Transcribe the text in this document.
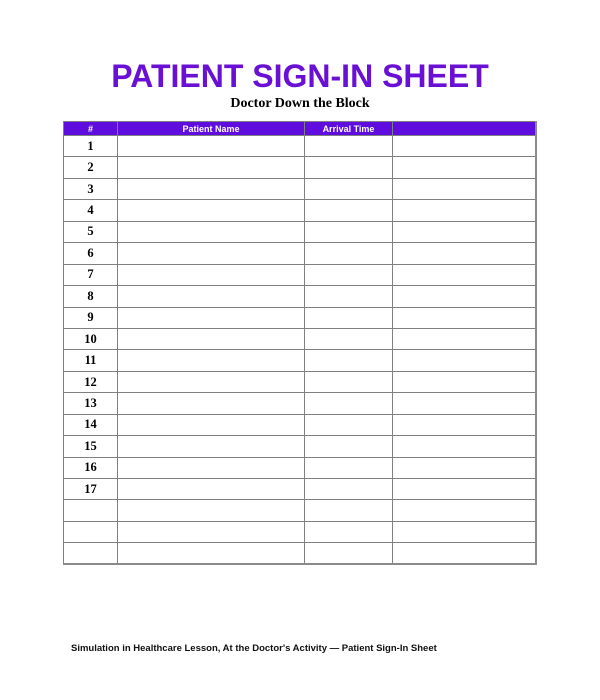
PATIENT SIGN-IN SHEET
Doctor Down the Block
#	Patient Name	Arrival Time	
1			
2			
3			
4			
5			
6			
7			
8			
9			
10			
11			
12			
13			
14			
15			
16			
17			

Simulation in Healthcare Lesson, At the Doctor's Activity — Patient Sign-In Sheet
